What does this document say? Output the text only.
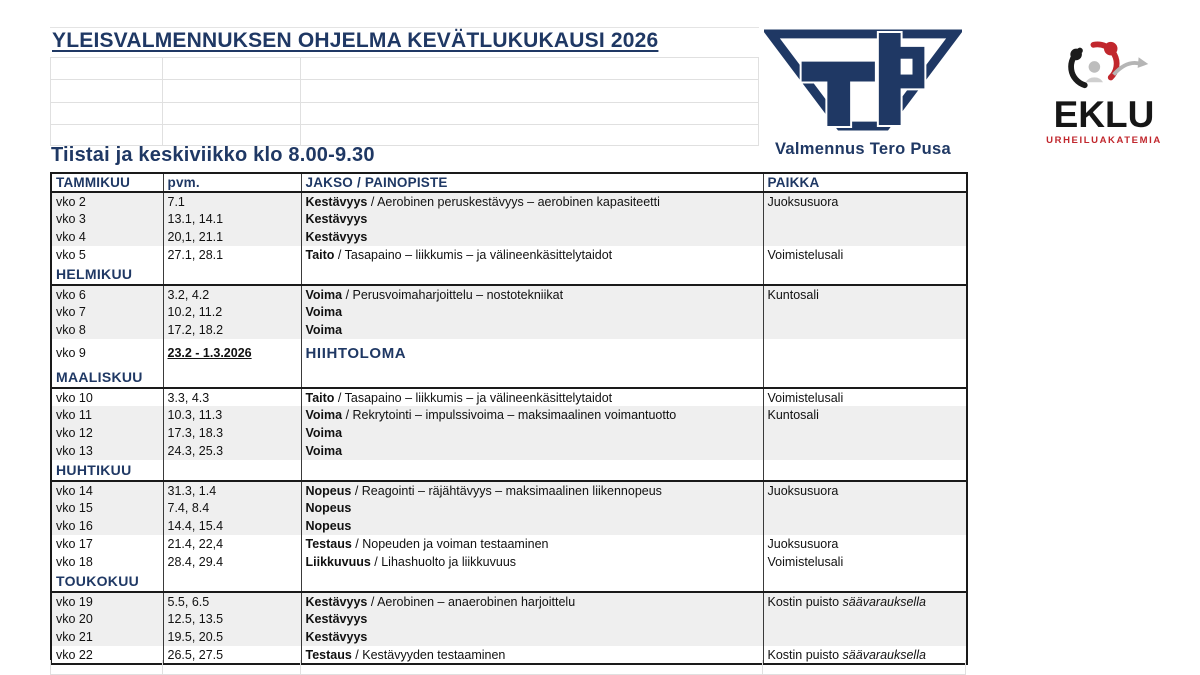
YLEISVALMENNUKSEN OHJELMA KEVÄTLUKUKAUSI 2026
Tiistai ja keskiviikko klo 8.00-9.30	Valmennus Tero Pusa
EKLU
URHEILUAKATEMIA
TAMMIKUU	pvm.	JAKSO / PAINOPISTE	PAIKKA
vko 2	7.1	Kestävyys / Aerobinen peruskestävyys – aerobinen kapasiteetti	Juoksusuora
vko 3	13.1, 14.1	Kestävyys	
vko 4	20,1, 21.1	Kestävyys	
vko 5	27.1, 28.1	Taito / Tasapaino – liikkumis – ja välineenkäsittelytaidot	Voimistelusali
HELMIKUU			
vko 6	3.2, 4.2	Voima / Perusvoimaharjoittelu – nostotekniikat	Kuntosali
vko 7	10.2, 11.2	Voima	
vko 8	17.2, 18.2	Voima	
vko 9	23.2 - 1.3.2026	HIIHTOLOMA	
MAALISKUU			
vko 10	3.3, 4.3	Taito / Tasapaino – liikkumis – ja välineenkäsittelytaidot	Voimistelusali
vko 11	10.3, 11.3	Voima / Rekrytointi – impulssivoima – maksimaalinen voimantuotto	Kuntosali
vko 12	17.3, 18.3	Voima	
vko 13	24.3, 25.3	Voima	
HUHTIKUU			
vko 14	31.3, 1.4	Nopeus / Reagointi – räjähtävyys – maksimaalinen liikennopeus	Juoksusuora
vko 15	7.4, 8.4	Nopeus	
vko 16	14.4, 15.4	Nopeus	
vko 17	21.4, 22,4	Testaus / Nopeuden ja voiman testaaminen	Juoksusuora
vko 18	28.4, 29.4	Liikkuvuus / Lihashuolto ja liikkuvuus	Voimistelusali
TOUKOKUU			
vko 19	5.5, 6.5	Kestävyys / Aerobinen – anaerobinen harjoittelu	Kostin puisto säävarauksella
vko 20	12.5, 13.5	Kestävyys	
vko 21	19.5, 20.5	Kestävyys	
vko 22	26.5, 27.5	Testaus / Kestävyyden testaaminen	Kostin puisto säävarauksella
